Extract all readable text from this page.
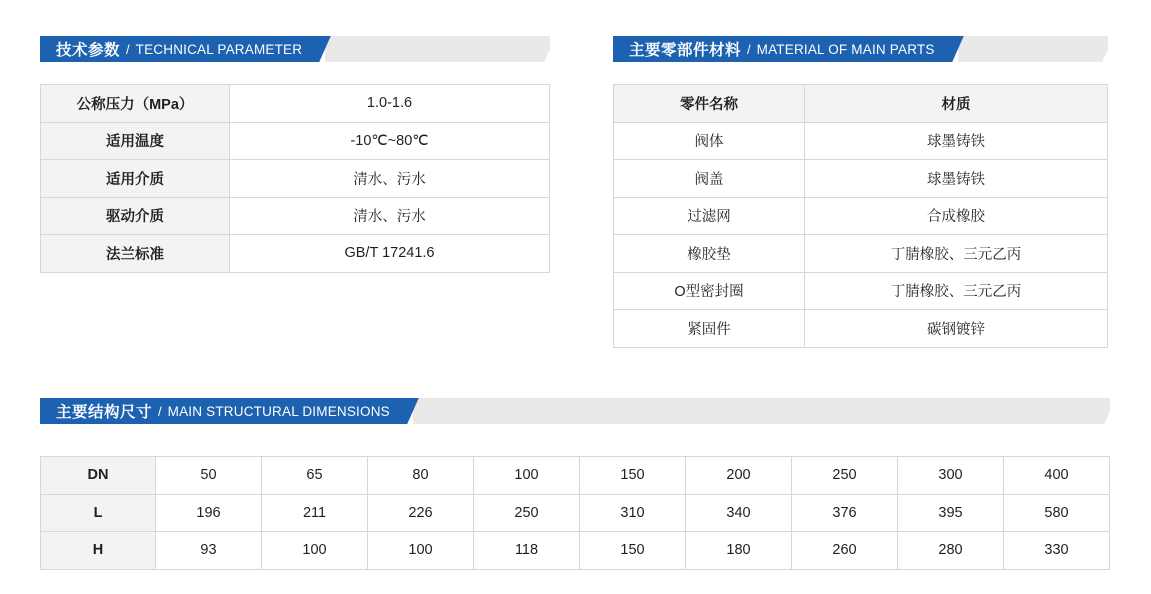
技术参数 / TECHNICAL PARAMETER	主要零部件材料 / MATERIAL OF MAIN PARTS
主要结构尺寸 / MAIN STRUCTURAL DIMENSIONS
公称压力（MPa）	1.0-1.6
适用温度	-10℃~80℃
适用介质	清水、污水
驱动介质	清水、污水
法兰标准	GB/T 17241.6
零件名称	材质
阀体	球墨铸铁
阀盖	球墨铸铁
过滤网	合成橡胶
橡胶垫	丁腈橡胶、三元乙丙
O型密封圈	丁腈橡胶、三元乙丙
紧固件	碳钢镀锌
DN	50	65	80	100	150	200	250	300	400
L	196	211	226	250	310	340	376	395	580
H	93	100	100	118	150	180	260	280	330
